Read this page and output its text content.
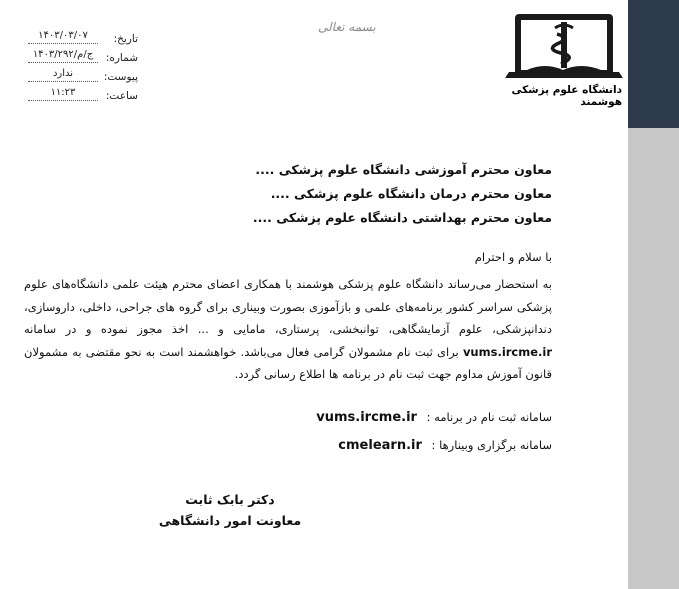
تاریخ:
۱۴۰۳/۰۳/۰۷
شماره:
۱۴۰۳/۲۹۲/ج/م
پیوست:
ندارد
ساعت:
۱۱:۲۳
بسمه تعالی
دانشگاه علوم پزشکی هوشمند
معاون محترم آموزشی دانشگاه علوم پزشکی ....
معاون محترم درمان دانشگاه علوم پزشکی ....
معاون محترم بهداشتی دانشگاه علوم پزشکی ....
با سلام و احترام
به استحضار می‌رساند دانشگاه علوم پزشکی هوشمند با همکاری اعضای محترم هیئت علمی دانشگاه‌های علوم
پزشکی سراسر کشور برنامه‌های علمی و بازآموزی بصورت وبینار‌ی برای گروه های جراحی، داخلی، داروسازی،
دندانپزشکی، علوم آزمایشگاهی، توانبخشی، پرستاری، مامایی و ... اخذ مجوز نموده و در سامانه
vums.ircme.ir برای ثبت نام مشمولان گرامی فعال می‌باشد. خواهشمند است به نحو مقتضی به مشمولان
قانون آموزش مداوم جهت ثبت نام در برنامه ها اطلاع رسانی گردد.
سامانه ثبت نام در برنامه : vums.ircme.ir
سامانه برگزاری وبینارها : cmelearn.ir
دکتر بابک ثابت
معاونت امور دانشگاهی
